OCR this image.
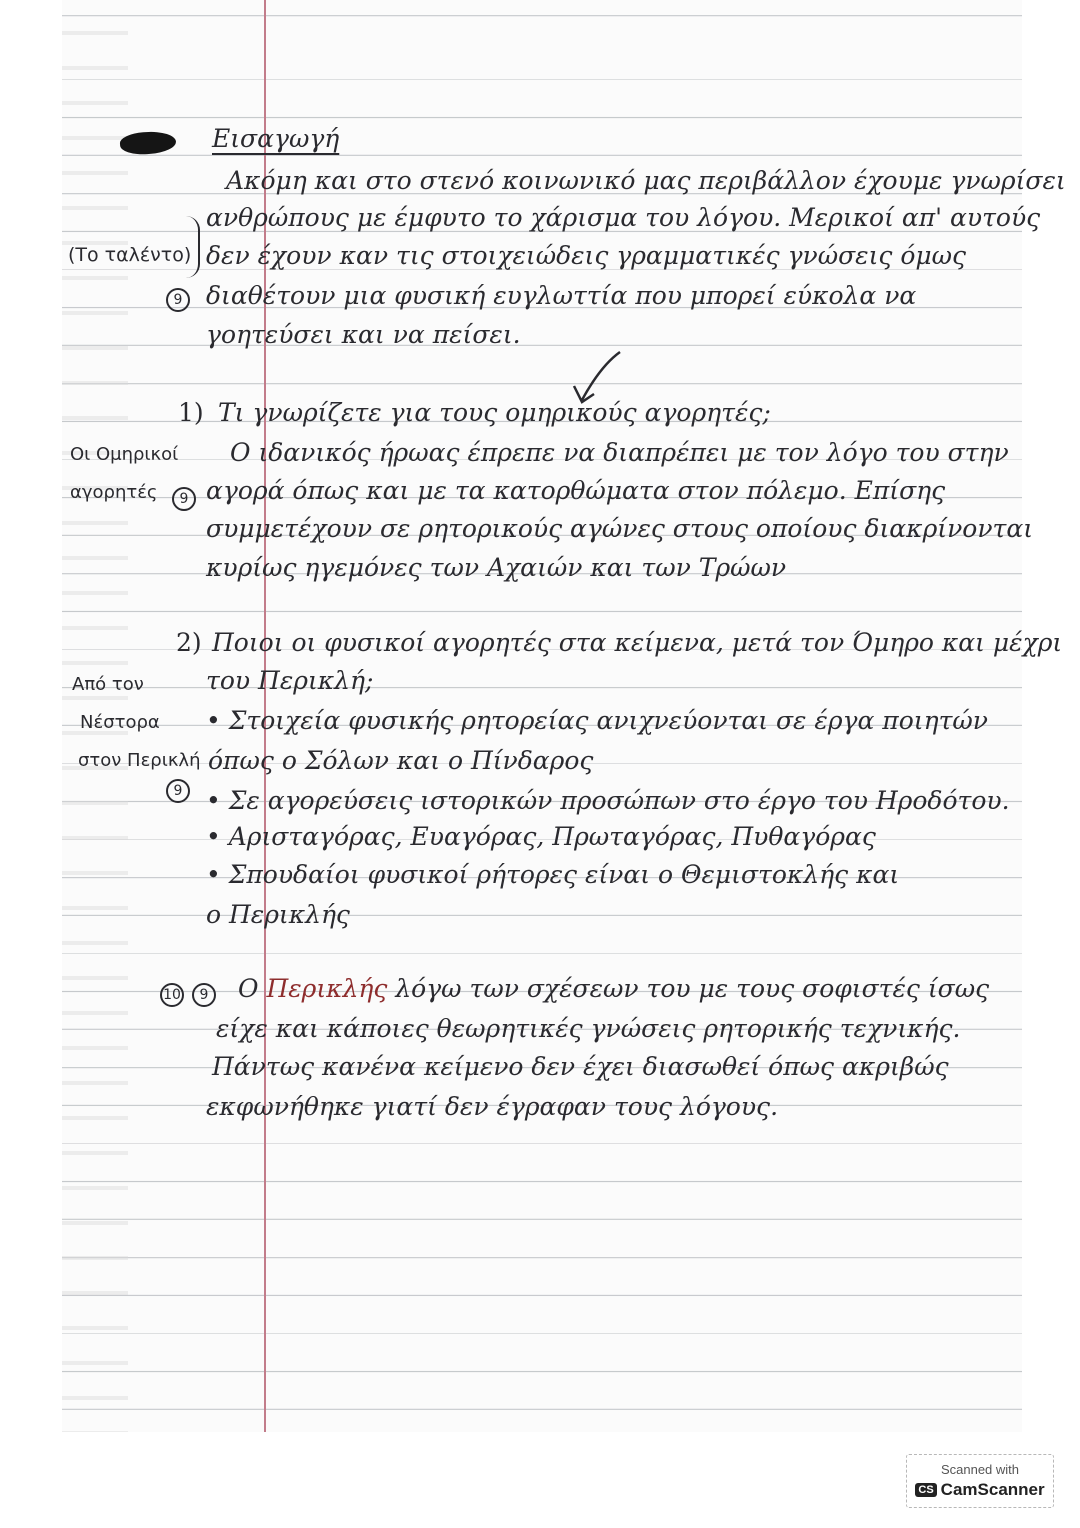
Εισαγωγή
Ακόμη και στο στενό κοινωνικό μας περιβάλλον έχουμε γνωρίσει
ανθρώπους με έμφυτο το χάρισμα του λόγου. Μερικοί απ' αυτούς
δεν έχουν καν τις στοιχειώδεις γραμματικές γνώσεις όμως
διαθέτουν μια φυσική ευγλωττία που μπορεί εύκολα να
γοητεύσει και να πείσει.
(Το ταλέντο)
9
1) Τι γνωρίζετε για τους ομηρικούς αγορητές;
Οι Ομηρικοί
αγορητές	9
Ο ιδανικός ήρωας έπρεπε να διαπρέπει με τον λόγο του στην
αγορά όπως και με τα κατορθώματα στον πόλεμο. Επίσης
συμμετέχουν σε ρητορικούς αγώνες στους οποίους διακρίνονται
κυρίως ηγεμόνες των Αχαιών και των Τρώων
2) Ποιοι οι φυσικοί αγορητές στα κείμενα, μετά τον Όμηρο και μέχρι
του Περικλή;
Από τον
Νέστορα
στον Περικλή
9
• Στοιχεία φυσικής ρητορείας ανιχνεύονται σε έργα ποιητών
όπως ο Σόλων και ο Πίνδαρος
• Σε αγορεύσεις ιστορικών προσώπων στο έργο του Ηροδότου.
• Αρισταγόρας, Ευαγόρας, Πρωταγόρας, Πυθαγόρας
• Σπουδαίοι φυσικοί ρήτορες είναι ο Θεμιστοκλής και
ο Περικλής
10 9	Ο Περικλής λόγω των σχέσεων του με τους σοφιστές ίσως
είχε και κάποιες θεωρητικές γνώσεις ρητορικής τεχνικής.
Πάντως κανένα κείμενο δεν έχει διασωθεί όπως ακριβώς
εκφωνήθηκε γιατί δεν έγραφαν τους λόγους.
Scanned with
CS CamScanner
